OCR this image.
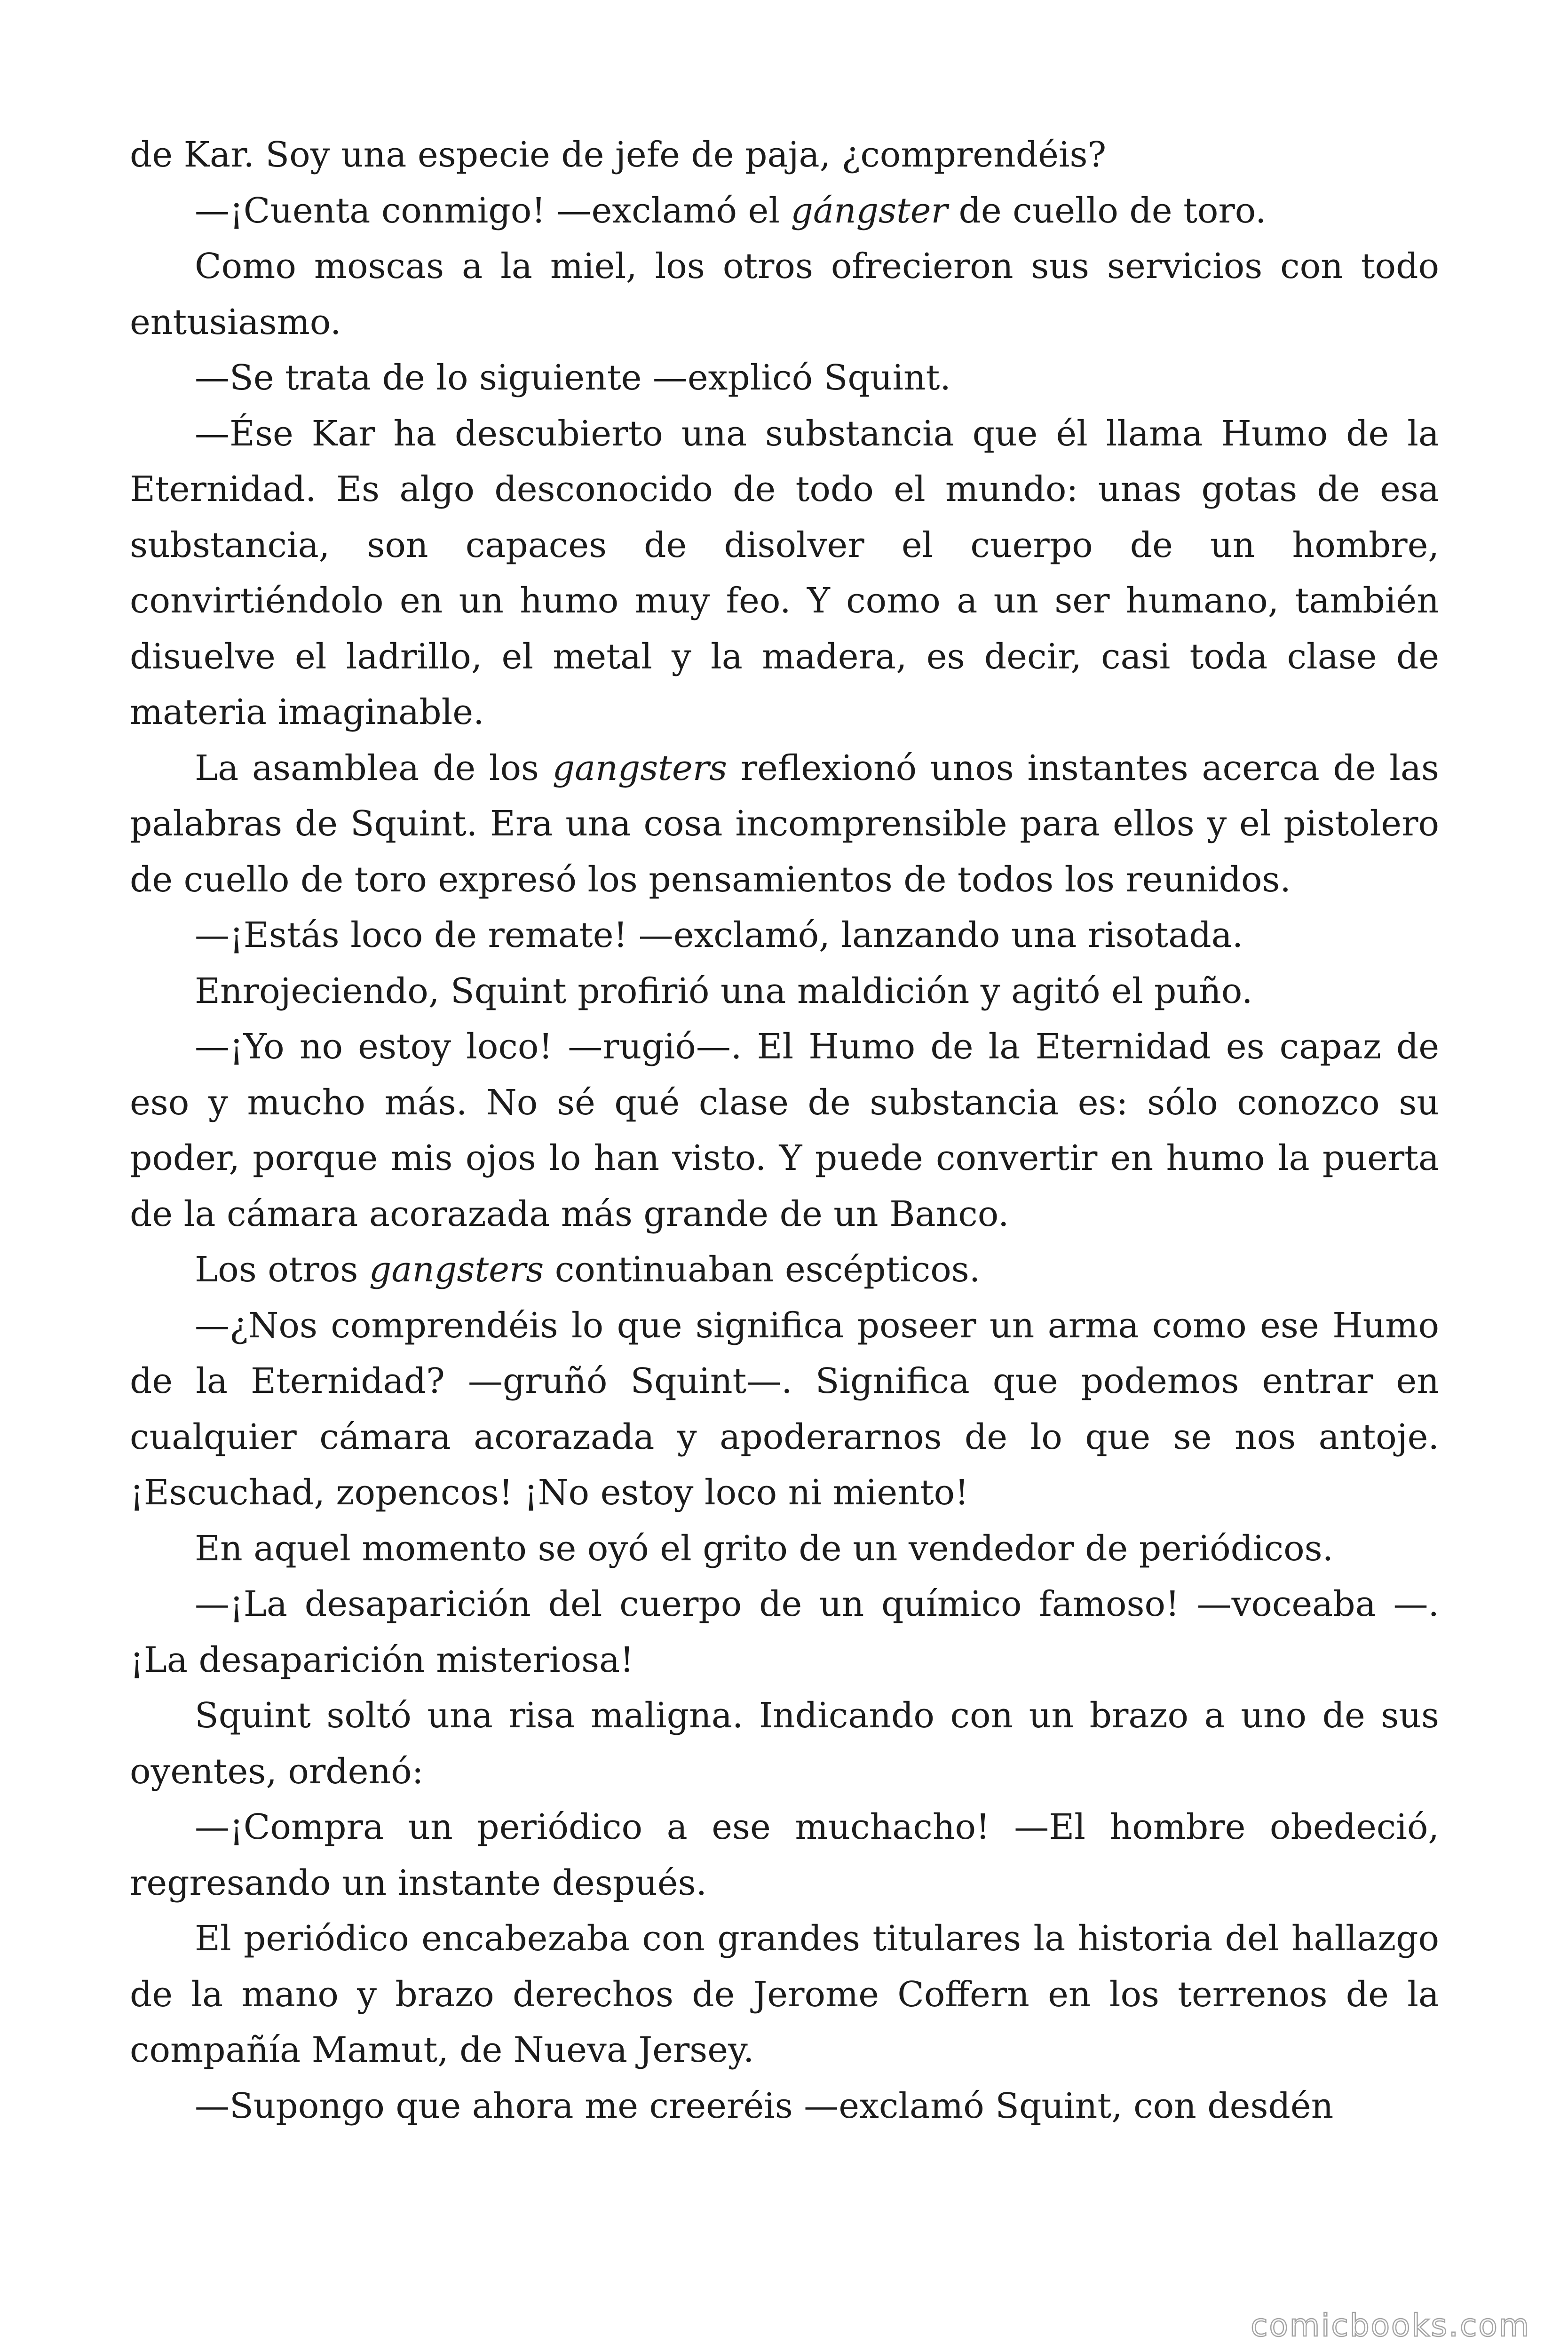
de Kar. Soy una especie de jefe de paja, ¿comprendéis?

—¡Cuenta conmigo! —exclamó el gángster de cuello de toro.

Como moscas a la miel, los otros ofrecieron sus servicios con todo entusiasmo.

—Se trata de lo siguiente —explicó Squint.

—Ése Kar ha descubierto una substancia que él llama Humo de la Eternidad. Es algo desconocido de todo el mundo: unas gotas de esa substancia, son capaces de disolver el cuerpo de un hombre, convirtiéndolo en un humo muy feo. Y como a un ser humano, también disuelve el ladrillo, el metal y la madera, es decir, casi toda clase de materia imaginable.

La asamblea de los gangsters reflexionó unos instantes acerca de las palabras de Squint. Era una cosa incomprensible para ellos y el pistolero de cuello de toro expresó los pensamientos de todos los reunidos.

—¡Estás loco de remate! —exclamó, lanzando una risotada.

Enrojeciendo, Squint profirió una maldición y agitó el puño.

—¡Yo no estoy loco! —rugió—. El Humo de la Eternidad es capaz de eso y mucho más. No sé qué clase de substancia es: sólo conozco su poder, porque mis ojos lo han visto. Y puede convertir en humo la puerta de la cámara acorazada más grande de un Banco.

Los otros gangsters continuaban escépticos.

—¿Nos comprendéis lo que significa poseer un arma como ese Humo de la Eternidad? —gruñó Squint—. Significa que podemos entrar en cualquier cámara acorazada y apoderarnos de lo que se nos antoje. ¡Escuchad, zopencos! ¡No estoy loco ni miento!

En aquel momento se oyó el grito de un vendedor de periódicos.

—¡La desaparición del cuerpo de un químico famoso! —voceaba —. ¡La desaparición misteriosa!

Squint soltó una risa maligna. Indicando con un brazo a uno de sus oyentes, ordenó:

—¡Compra un periódico a ese muchacho! —El hombre obedeció, regresando un instante después.

El periódico encabezaba con grandes titulares la historia del hallazgo de la mano y brazo derechos de Jerome Coffern en los terrenos de la compañía Mamut, de Nueva Jersey.

—Supongo que ahora me creeréis —exclamó Squint, con desdén

comicbooks.com
